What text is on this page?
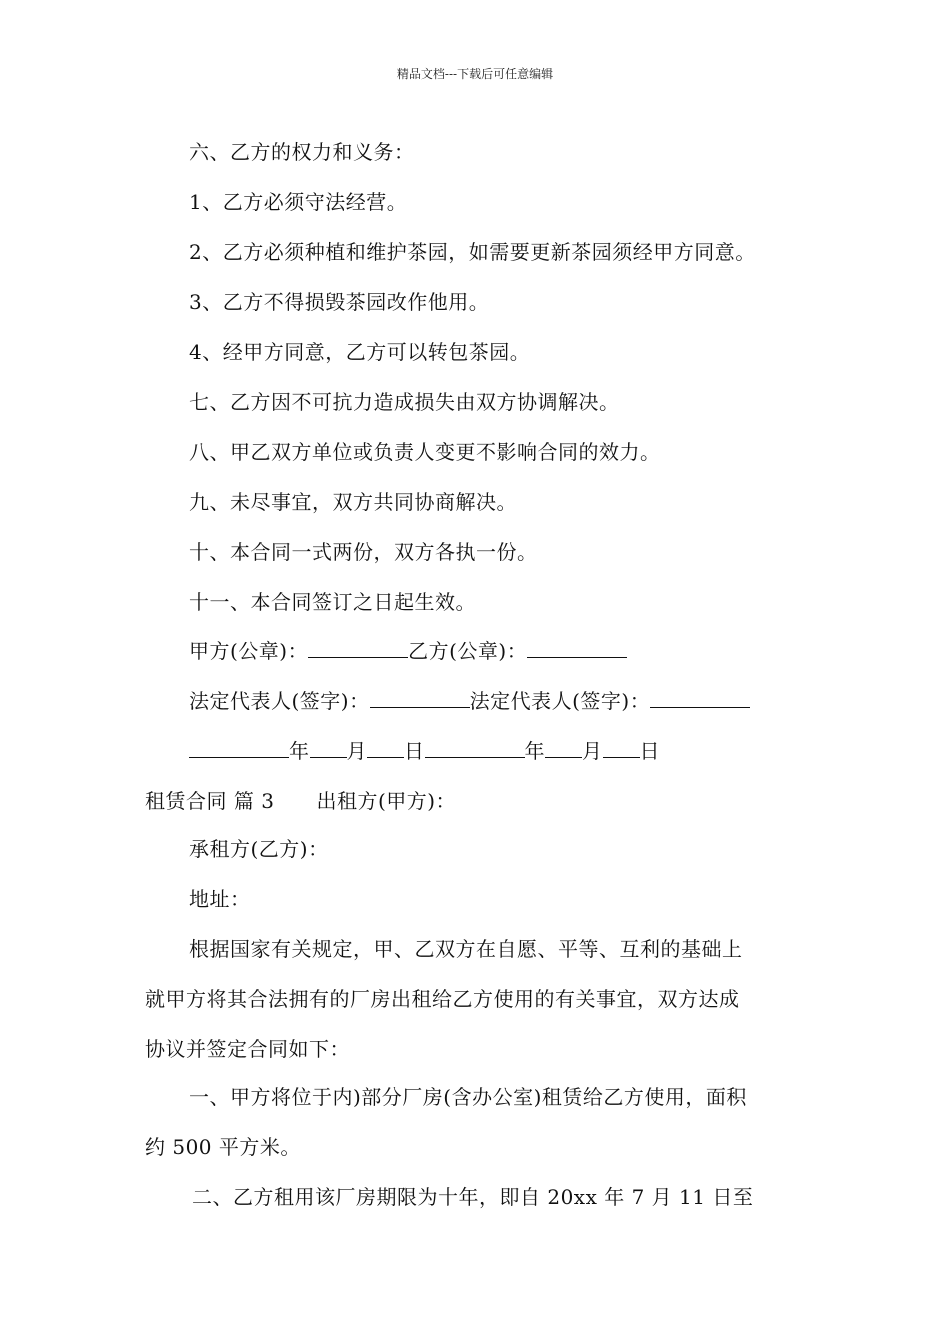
精品文档---下载后可任意编辑
六、乙方的权力和义务：
1、乙方必须守法经营。
2、乙方必须种植和维护茶园，如需要更新茶园须经甲方同意。
3、乙方不得损毁茶园改作他用。
4、经甲方同意，乙方可以转包茶园。
七、乙方因不可抗力造成损失由双方协调解决。
八、甲乙双方单位或负责人变更不影响合同的效力。
九、未尽事宜，双方共同协商解决。
十、本合同一式两份，双方各执一份。
十一、本合同签订之日起生效。
甲方(公章)：	乙方(公章)：
法定代表人(签字)：	法定代表人(签字)：
年 月 日	年 月 日
租赁合同 篇 3 出租方(甲方)：
承租方(乙方)：
地址：
根据国家有关规定，甲、乙双方在自愿、平等、互利的基础上
就甲方将其合法拥有的厂房出租给乙方使用的有关事宜，双方达成
协议并签定合同如下：
一、甲方将位于内)部分厂房(含办公室)租赁给乙方使用，面积
约 500 平方米。
二、乙方租用该厂房期限为十年，即自 20xx 年 7 月 11 日至
